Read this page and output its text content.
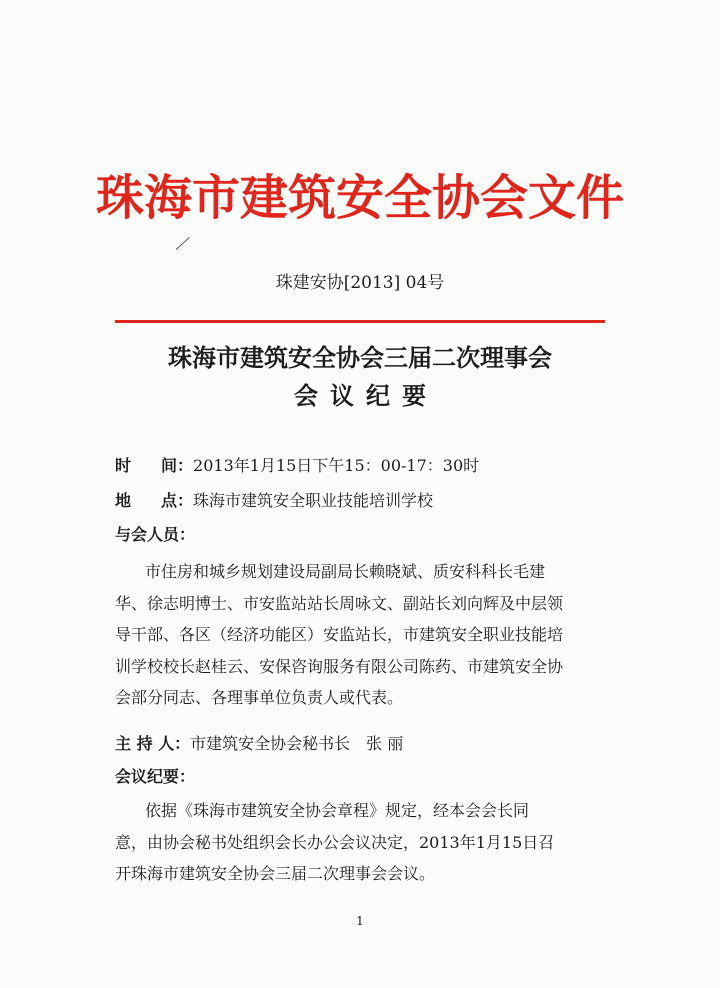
珠海市建筑安全协会文件
珠建安协[2013] 04号
珠海市建筑安全协会三届二次理事会
会议纪要
时 间：2013年1月15日下午15：00-17：30时
地 点：珠海市建筑安全职业技能培训学校
与会人员：
市住房和城乡规划建设局副局长赖晓斌、质安科科长毛建
华、徐志明博士、市安监站站长周咏文、副站长刘向辉及中层领
导干部、各区（经济功能区）安监站长，市建筑安全职业技能培
训学校校长赵桂云、安保咨询服务有限公司陈药、市建筑安全协
会部分同志、各理事单位负责人或代表。
主 持 人：市建筑安全协会秘书长　张 丽
会议纪要：
依据《珠海市建筑安全协会章程》规定，经本会会长同
意，由协会秘书处组织会长办公会议决定，2013年1月15日召
开珠海市建筑安全协会三届二次理事会会议。
1
